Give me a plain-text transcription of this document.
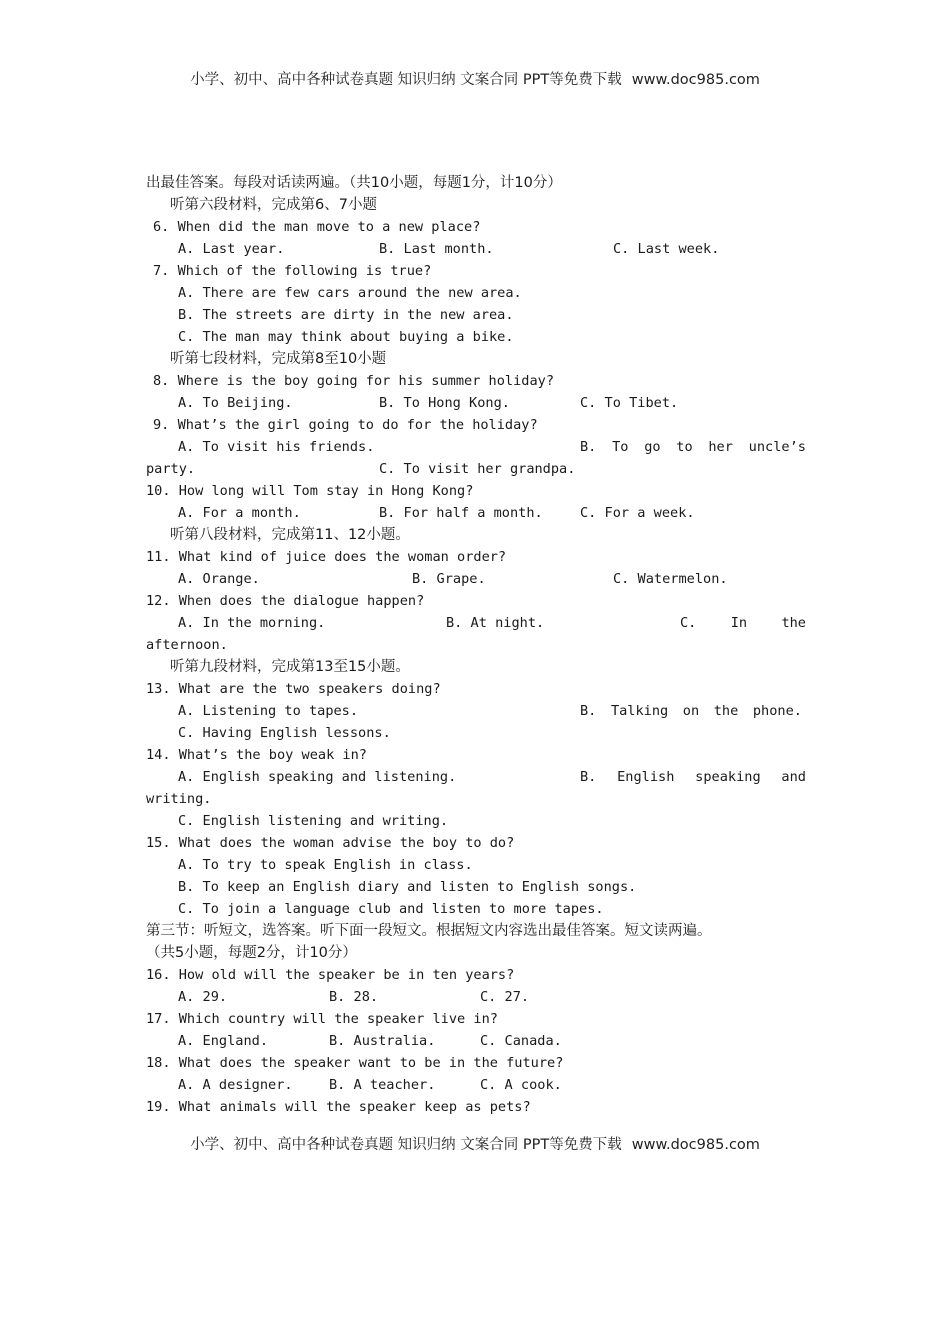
小学、初中、高中各种试卷真题 知识归纳 文案合同 PPT等免费下载 www.doc985.com
出最佳答案。每段对话读两遍。（共10小题，每题1分，计10分）
听第六段材料，完成第6、7小题
6. When did the man move to a new place?
A. Last year.	B. Last month.	C. Last week.
7. Which of the following is true?
A. There are few cars around the new area.
B. The streets are dirty in the new area.
C. The man may think about buying a bike.
听第七段材料，完成第8至10小题
8. Where is the boy going for his summer holiday?
A. To Beijing.	B. To Hong Kong.	C. To Tibet.
9. What’s the girl going to do for the holiday?
A. To visit his friends.	B. To go to her uncle’s
party.	C. To visit her grandpa.
10. How long will Tom stay in Hong Kong?
A. For a month.	B. For half a month.	C. For a week.
听第八段材料，完成第11、12小题。
11. What kind of juice does the woman order?
A. Orange.	B. Grape.	C. Watermelon.
12. When does the dialogue happen?
A. In the morning.	B. At night.	C.	In	the
afternoon.
听第九段材料，完成第13至15小题。
13. What are the two speakers doing?
A. Listening to tapes.	B. Talking on the phone.
C. Having English lessons.
14. What’s the boy weak in?
A. English speaking and listening.	B. English speaking and
writing.
C. English listening and writing.
15. What does the woman advise the boy to do?
A. To try to speak English in class.
B. To keep an English diary and listen to English songs.
C. To join a language club and listen to more tapes.
第三节：听短文，选答案。听下面一段短文。根据短文内容选出最佳答案。短文读两遍。
（共5小题，每题2分，计10分）
16. How old will the speaker be in ten years?
A. 29.	B. 28.	C. 27.
17. Which country will the speaker live in?
A. England.	B. Australia.	C. Canada.
18. What does the speaker want to be in the future?
A. A designer.	B. A teacher.	C. A cook.
19. What animals will the speaker keep as pets?
小学、初中、高中各种试卷真题 知识归纳 文案合同 PPT等免费下载 www.doc985.com
